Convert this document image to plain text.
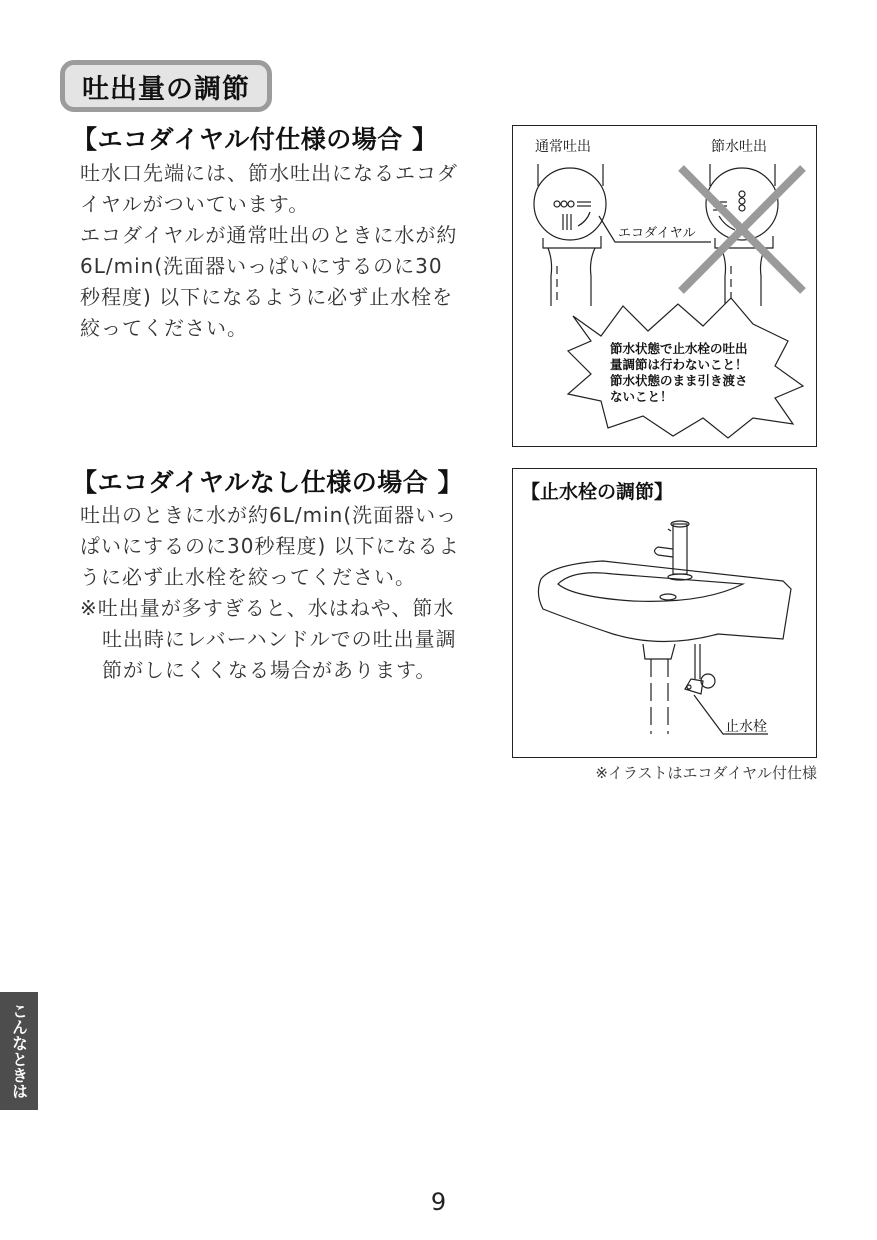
吐出量の調節
【エコダイヤル付仕様の場合 】

吐水口先端には、節水吐出になるエコダイヤルがついています。

エコダイヤルが通常吐出のときに水が約6L/min(洗面器いっぱいにするのに30秒程度) 以下になるように必ず止水栓を絞ってください。

【エコダイヤルなし仕様の場合 】

吐出のときに水が約6L/min(洗面器いっぱいにするのに30秒程度) 以下になるように必ず止水栓を絞ってください。

※吐出量が多すぎると、水はねや、節水吐出時にレバーハンドルでの吐出量調節がしにくくなる場合があります。

通常吐出	節水吐出
エコダイヤル
節水状態で止水栓の吐出
量調節は行わないこと！
節水状態のまま引き渡さ
ないこと！
【止水栓の調節】
止水栓
※イラストはエコダイヤル付仕様
こんなときは
9
